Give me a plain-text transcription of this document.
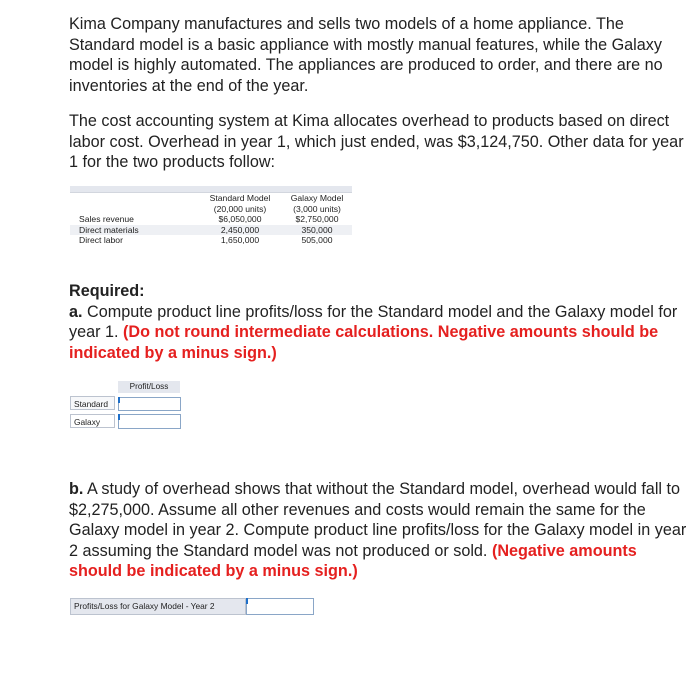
Kima Company manufactures and sells two models of a home appliance. The Standard model is a basic appliance with mostly manual features, while the Galaxy model is highly automated. The appliances are produced to order, and there are no inventories at the end of the year.
The cost accounting system at Kima allocates overhead to products based on direct labor cost. Overhead in year 1, which just ended, was $3,124,750. Other data for year 1 for the two products follow:
Standard Model	Galaxy Model
(20,000 units)	(3,000 units)
Sales revenue	$6,050,000	$2,750,000
Direct materials	2,450,000	350,000
Direct labor	1,650,000	505,000
Required:
a. Compute product line profits/loss for the Standard model and the Galaxy model for year 1. (Do not round intermediate calculations. Negative amounts should be indicated by a minus sign.)
Profit/Loss
Standard
Galaxy
b. A study of overhead shows that without the Standard model, overhead would fall to $2,275,000. Assume all other revenues and costs would remain the same for the Galaxy model in year 2. Compute product line profits/loss for the Galaxy model in year 2 assuming the Standard model was not produced or sold. (Negative amounts should be indicated by a minus sign.)
Profits/Loss for Galaxy Model - Year 2
